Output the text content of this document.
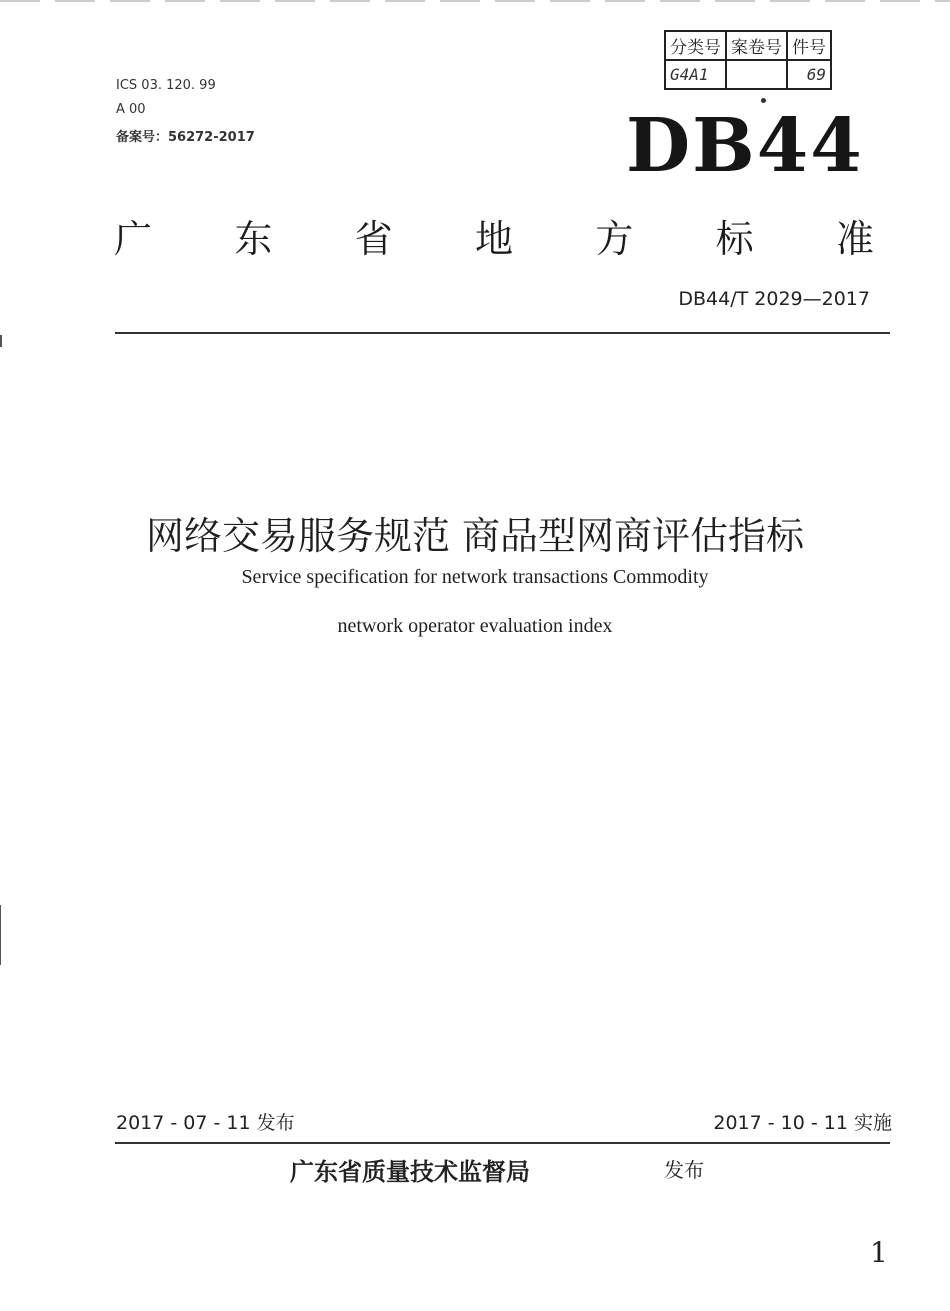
ICS 03. 120. 99
A 00
备案号：56272-2017
分类号	案卷号	件号
G4A1		69
DB44
广 东 省 地 方 标 准
DB44/T 2029—2017
网络交易服务规范 商品型网商评估指标
Service specification for network transactions Commodity
network operator evaluation index
2017 - 07 - 11 发布	2017 - 10 - 11 实施
广东省质量技术监督局	发布
1
